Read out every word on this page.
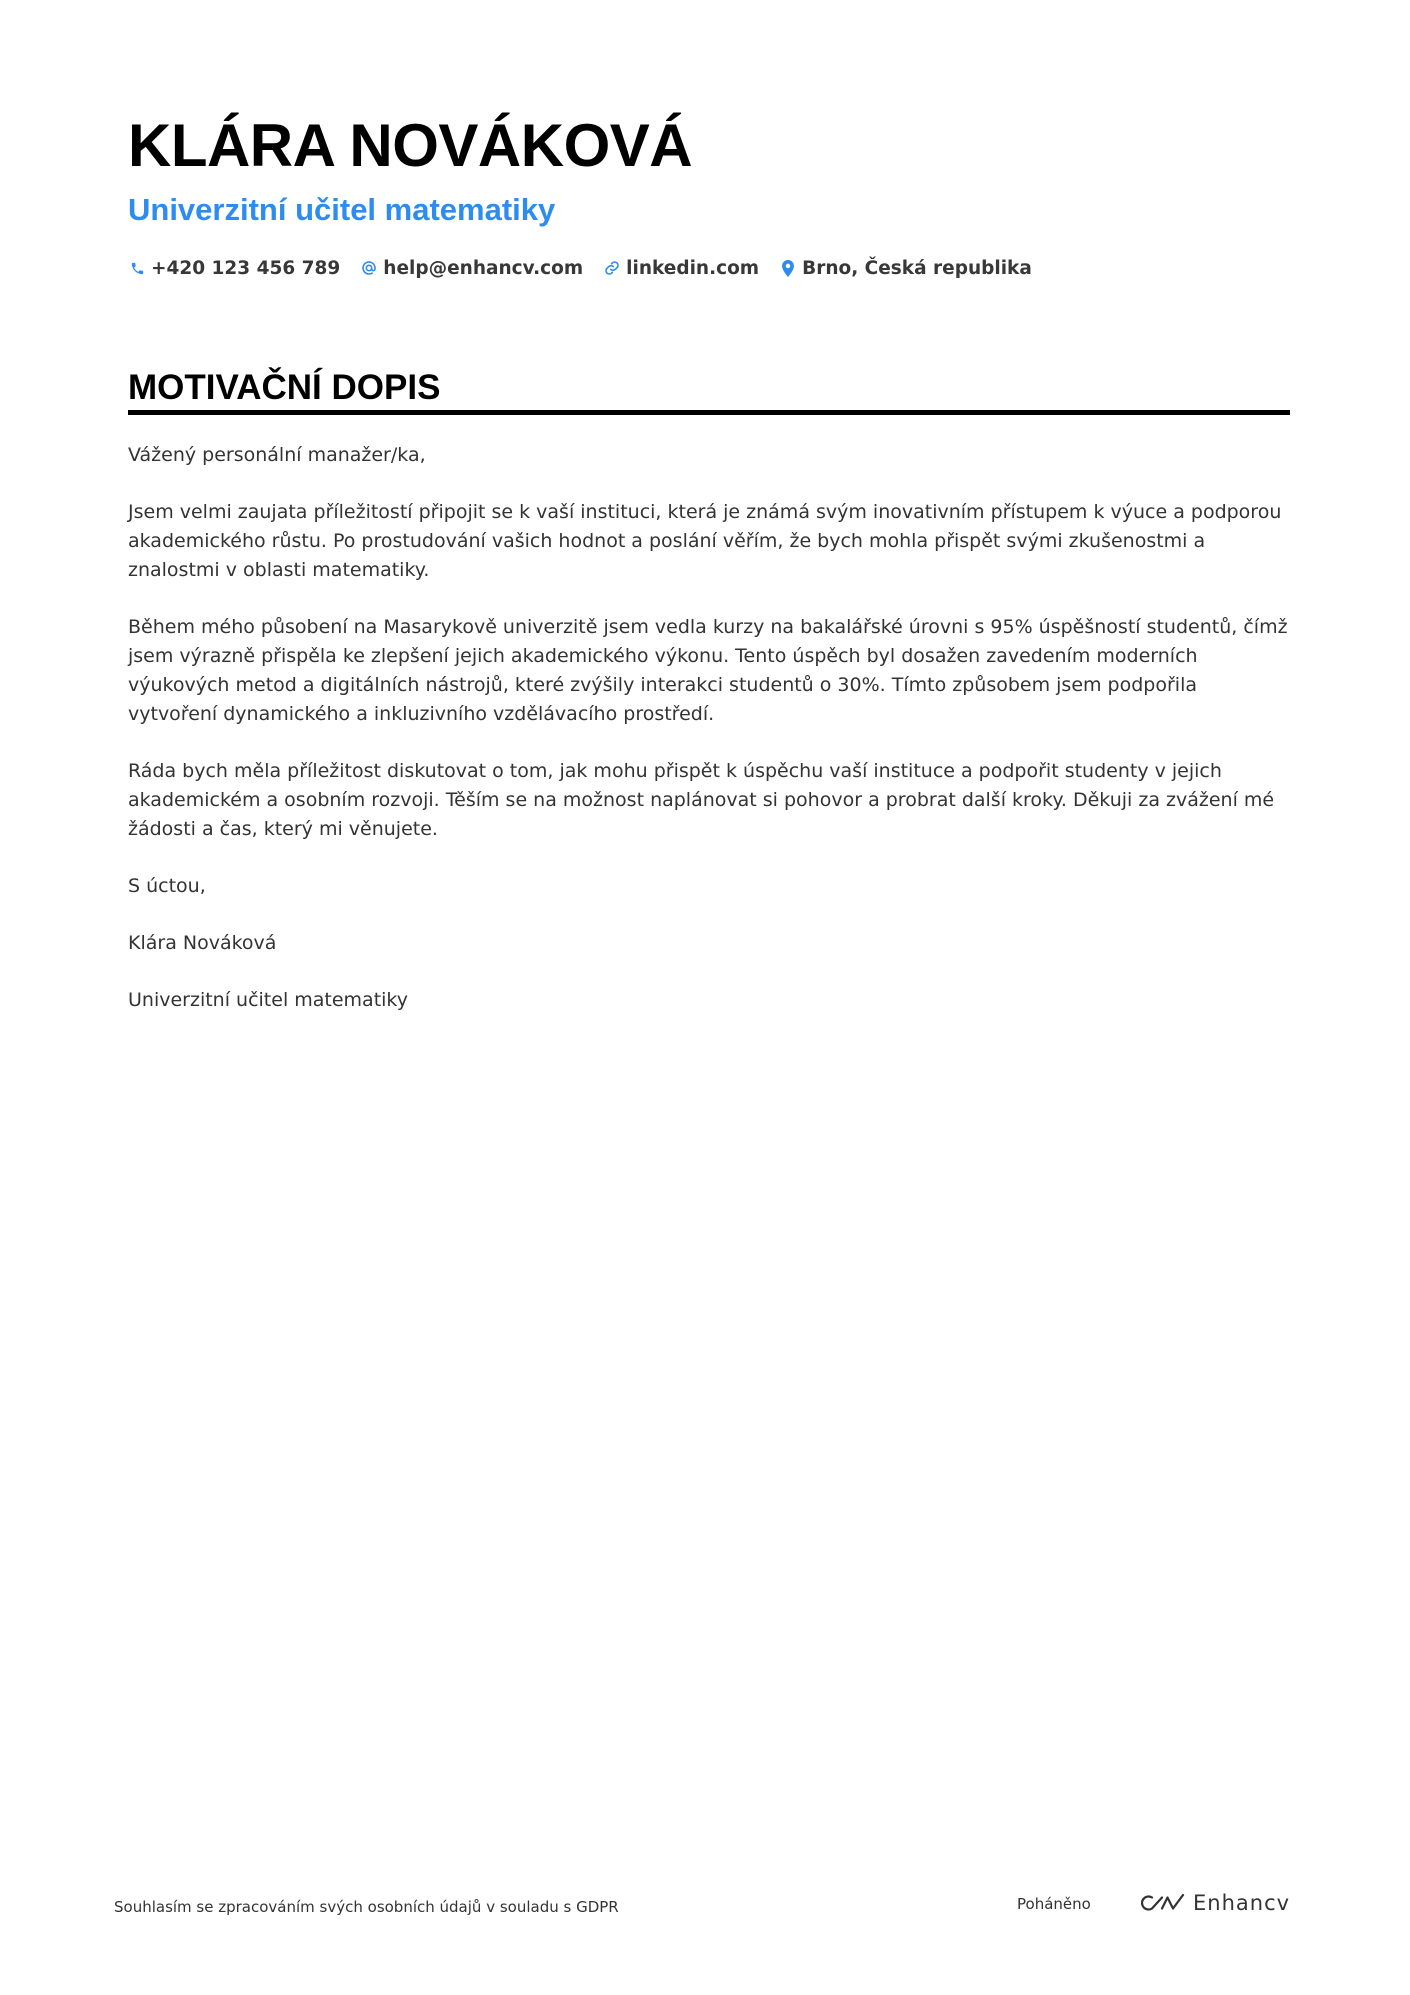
KLÁRA NOVÁKOVÁ
Univerzitní učitel matematiky
+420 123 456 789 help@enhancv.com linkedin.com Brno, Česká republika
MOTIVAČNÍ DOPIS

Vážený personální manažer/ka,

Jsem velmi zaujata příležitostí připojit se k vaší instituci, která je známá svým inovativním přístupem k výuce a podporou akademického růstu. Po prostudování vašich hodnot a poslání věřím, že bych mohla přispět svými zkušenostmi a znalostmi v oblasti matematiky.

Během mého působení na Masarykově univerzitě jsem vedla kurzy na bakalářské úrovni s 95% úspěšností studentů, čímž jsem výrazně přispěla ke zlepšení jejich akademického výkonu. Tento úspěch byl dosažen zavedením moderních výukových metod a digitálních nástrojů, které zvýšily interakci studentů o 30%. Tímto způsobem jsem podpořila vytvoření dynamického a inkluzivního vzdělávacího prostředí.

Ráda bych měla příležitost diskutovat o tom, jak mohu přispět k úspěchu vaší instituce a podpořit studenty v jejich akademickém a osobním rozvoji. Těším se na možnost naplánovat si pohovor a probrat další kroky. Děkuji za zvážení mé žádosti a čas, který mi věnujete.

S úctou,

Klára Nováková

Univerzitní učitel matematiky

Souhlasím se zpracováním svých osobních údajů v souladu s GDPR	Poháněno	Enhancv
